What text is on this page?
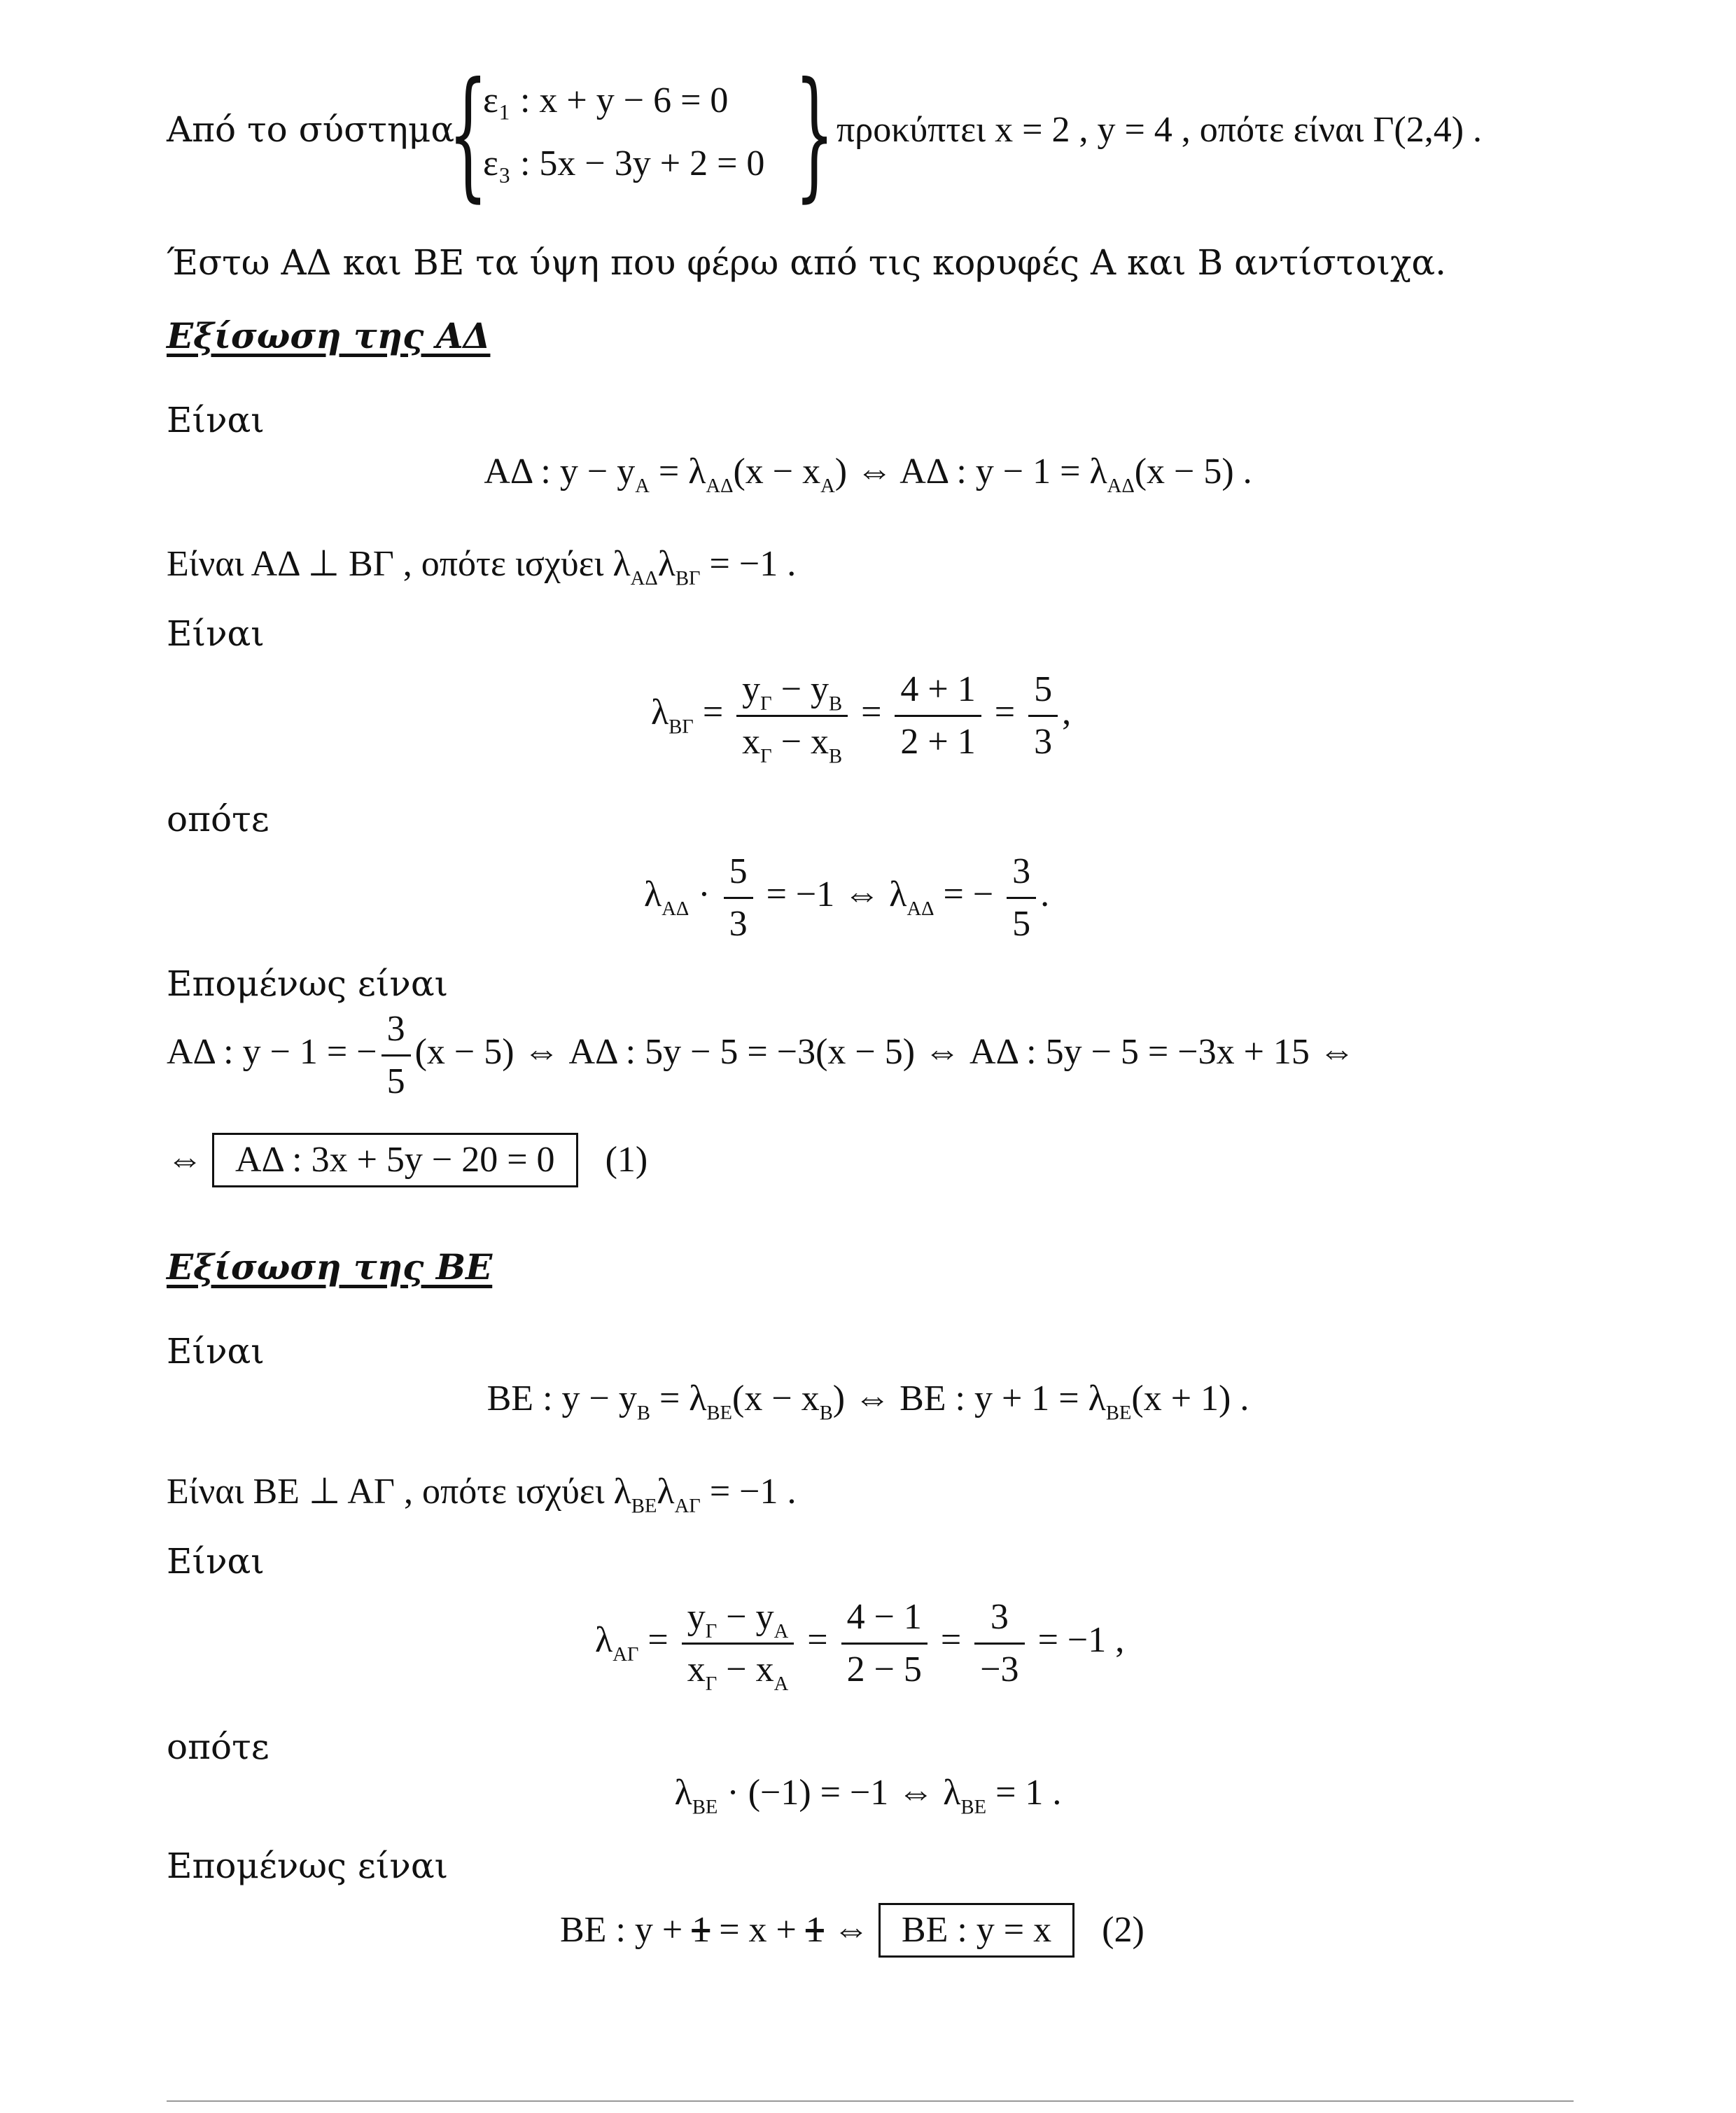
Από το σύστημα
{ }
ε₁ : x + y − 6 = 0
ε₃ : 5x − 3y + 2 = 0
προκύπτει x = 2 , y = 4 , οπότε είναι Γ(2,4) .
Έστω ΑΔ και ΒΕ τα ύψη που φέρω από τις κορυφές Α και Β αντίστοιχα.
Εξίσωση της ΑΔ
Είναι
ΑΔ : $y - y_A = \lambda_{A\Delta}(x - x_A)$ ⇔ ΑΔ : $y - 1 = \lambda_{A\Delta}(x - 5)$ .
Είναι ΑΔ ⊥ ΒΓ , οπότε ισχύει $\lambda_{A\Delta}\lambda_{B\Gamma} = -1$ .
Είναι
$\lambda_{B\Gamma} = \frac{y_\Gamma - y_B}{x_\Gamma - x_B} = \frac{4 + 1}{2 + 1} = \frac{5}{3}$ ,
οπότε
$\lambda_{A\Delta} \cdot \frac{5}{3} = -1$ ⇔ $\lambda_{A\Delta}$ = − $\frac{3}{5}$ .
Επομένως είναι
ΑΔ : y − 1 = − $\frac{3}{5} (x - 5)$ ⇔ ΑΔ : 5y − 5 = −3(x − 5) ⇔ ΑΔ : 5y − 5 = −3x + 15 ⇔
⇔ ΑΔ : 3x + 5y − 20 = 0 (1)
Εξίσωση της ΒΕ
Είναι
ΒΕ : $y - y_B = \lambda_{BE}(x - x_B)$ ⇔ ΒΕ : $y + 1 = \lambda_{BE}(x + 1)$ .
Είναι ΒΕ ⊥ ΑΓ , οπότε ισχύει $\lambda_{BE}\lambda_{A\Gamma} = -1$ .
Είναι
$\lambda_{A\Gamma} = \frac{y_\Gamma - y_A}{x_\Gamma - x_A} = \frac{4 - 1}{2 - 5} = \frac{3}{-3} = -1$ ,
οπότε
$\lambda_{BE} \cdot (-1) = -1$ ⇔ $\lambda_{BE} = 1$ .
Επομένως είναι
ΒΕ : y + 1 = x + 1 ⇔ ΒΕ : y = x (2)
